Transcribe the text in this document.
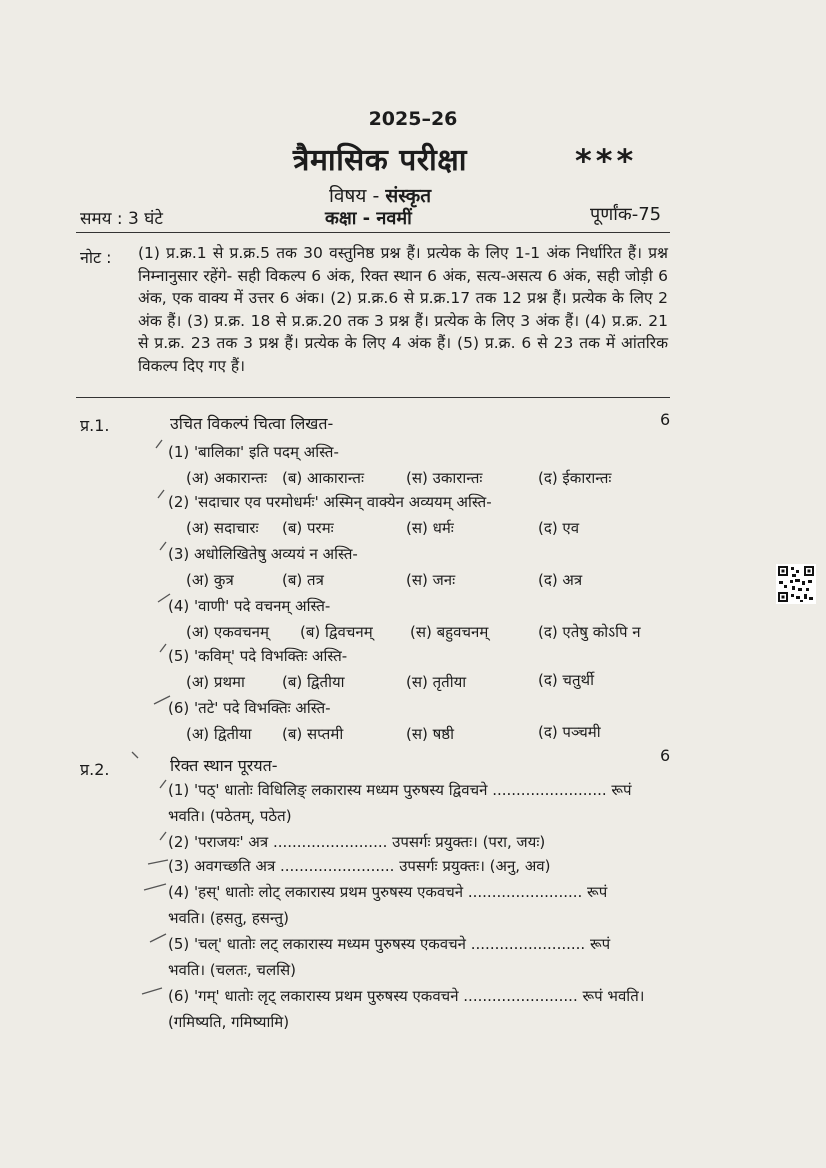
2025–26
त्रैमासिक परीक्षा	***
विषय - संस्कृत
समय : 3 घंटे	कक्षा - नवमीं	पूर्णांक-75
नोट : (1) प्र.क्र.1 से प्र.क्र.5 तक 30 वस्तुनिष्ठ प्रश्न हैं। प्रत्येक के लिए 1-1 अंक निर्धारित हैं। प्रश्न निम्नानुसार रहेंगे- सही विकल्प 6 अंक, रिक्त स्थान 6 अंक, सत्य-असत्य 6 अंक, सही जोड़ी 6 अंक, एक वाक्य में उत्तर 6 अंक। (2) प्र.क्र.6 से प्र.क्र.17 तक 12 प्रश्न हैं। प्रत्येक के लिए 2 अंक हैं। (3) प्र.क्र. 18 से प्र.क्र.20 तक 3 प्रश्न हैं। प्रत्येक के लिए 3 अंक हैं। (4) प्र.क्र. 21 से प्र.क्र. 23 तक 3 प्रश्न हैं। प्रत्येक के लिए 4 अंक हैं। (5) प्र.क्र. 6 से 23 तक में आंतरिक विकल्प दिए गए हैं।
प्र.1.	उचित विकल्पं चित्वा लिखत-	6
(1) 'बालिका' इति पदम् अस्ति-
(अ) अकारान्तः (ब) आकारान्तः	(स) उकारान्तः	(द) ईकारान्तः
(2) 'सदाचार एव परमोधर्मः' अस्मिन् वाक्येन अव्ययम् अस्ति-
(अ) सदाचारः (ब) परमः	(स) धर्मः	(द) एव
(3) अधोलिखितेषु अव्ययं न अस्ति-
(अ) कुत्र	(ब) तत्र	(स) जनः	(द) अत्र
(4) 'वाणी' पदे वचनम् अस्ति-
(अ) एकवचनम् (ब) द्विवचनम् (स) बहुवचनम्	(द) एतेषु कोऽपि न
(5) 'कविम्' पदे विभक्तिः अस्ति-
(अ) प्रथमा (ब) द्वितीया	(स) तृतीया	(द) चतुर्थी
(6) 'तटे' पदे विभक्तिः अस्ति-
(अ) द्वितीया (ब) सप्तमी	(स) षष्ठी	(द) पञ्चमी
प्र.2.	रिक्त स्थान पूरयत-
6
(1) 'पठ्' धातोः विधिलिङ् लकारास्य मध्यम पुरुषस्य द्विवचने ........................ रूपं
भवति। (पठेतम्, पठेत)
(2) 'पराजयः' अत्र ........................ उपसर्गः प्रयुक्तः। (परा, जयः)
(3) अवगच्छति अत्र ........................ उपसर्गः प्रयुक्तः। (अनु, अव)
(4) 'हस्' धातोः लोट् लकारास्य प्रथम पुरुषस्य एकवचने ........................ रूपं
भवति। (हसतु, हसन्तु)
(5) 'चल्' धातोः लट् लकारास्य मध्यम पुरुषस्य एकवचने ........................ रूपं
भवति। (चलतः, चलसि)
(6) 'गम्' धातोः लृट् लकारास्य प्रथम पुरुषस्य एकवचने ........................ रूपं भवति।
(गमिष्यति, गमिष्यामि)
